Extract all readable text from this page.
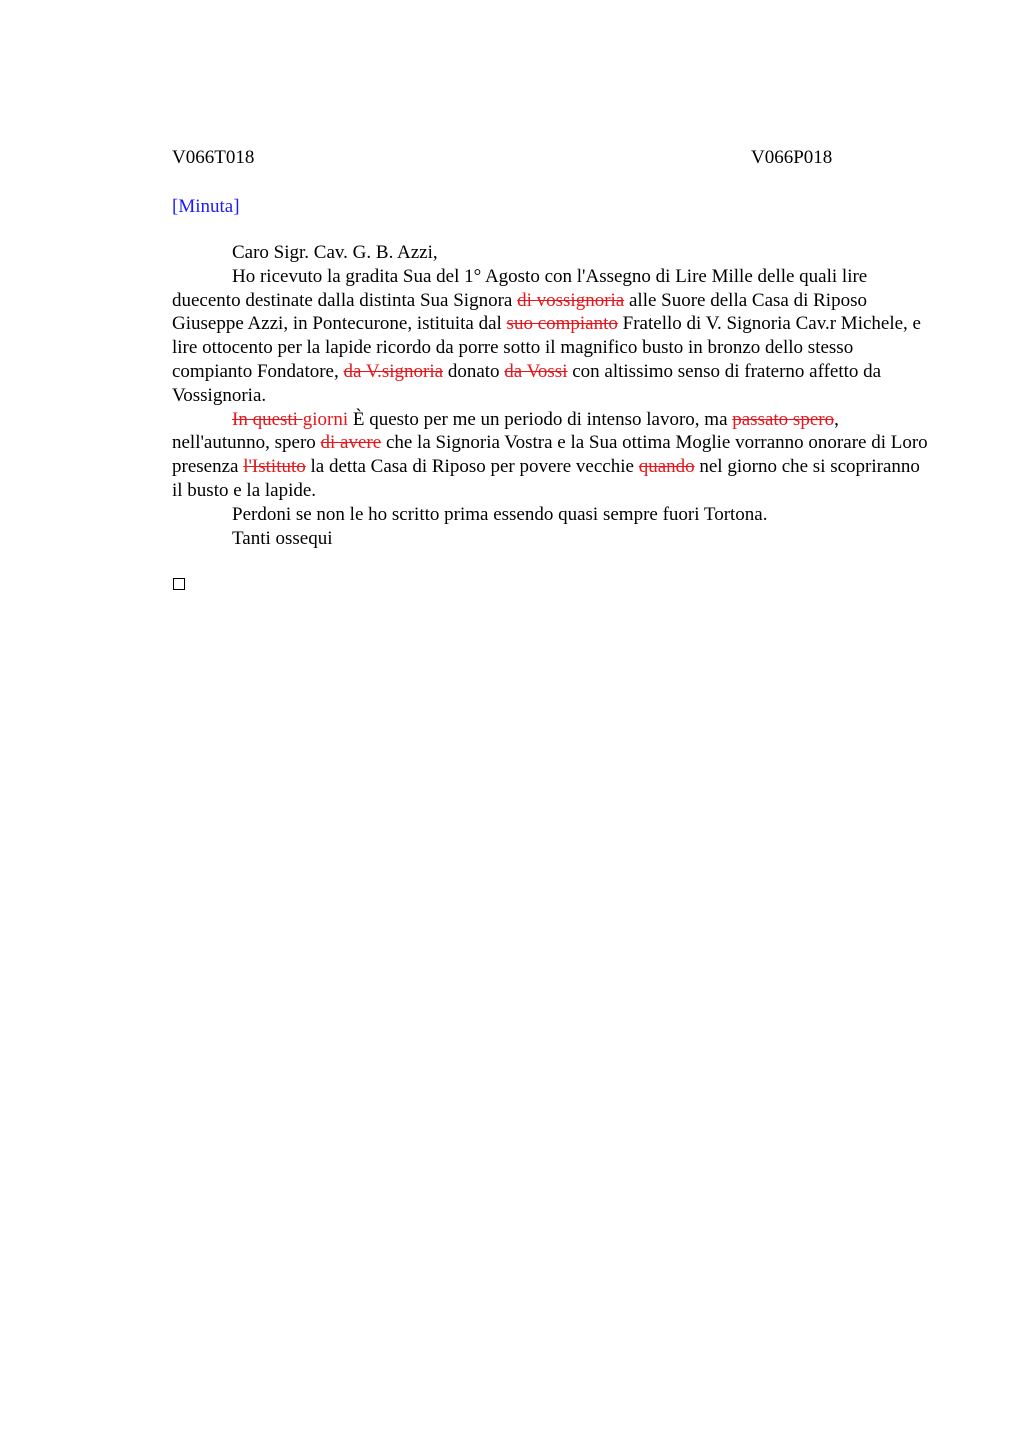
V066T018	V066P018
[Minuta]

Caro Sigr. Cav. G. B. Azzi,

Ho ricevuto la gradita Sua del 1° Agosto con l'Assegno di Lire Mille delle quali lire duecento destinate dalla distinta Sua Signora di vossignoria alle Suore della Casa di Riposo Giuseppe Azzi, in Pontecurone, istituita dal suo compianto Fratello di V. Signoria Cav.r Michele, e lire ottocento per la lapide ricordo da porre sotto il magnifico busto in bronzo dello stesso compianto Fondatore, da V.signoria donato da Vossi con altissimo senso di fraterno affetto da Vossignoria.

In questi giorni È questo per me un periodo di intenso lavoro, ma passato spero, nell'autunno, spero di avere che la Signoria Vostra e la Sua ottima Moglie vorranno onorare di Loro presenza l'Istituto la detta Casa di Riposo per povere vecchie quando nel giorno che si scopriranno il busto e la lapide.

Perdoni se non le ho scritto prima essendo quasi sempre fuori Tortona.

Tanti ossequi
